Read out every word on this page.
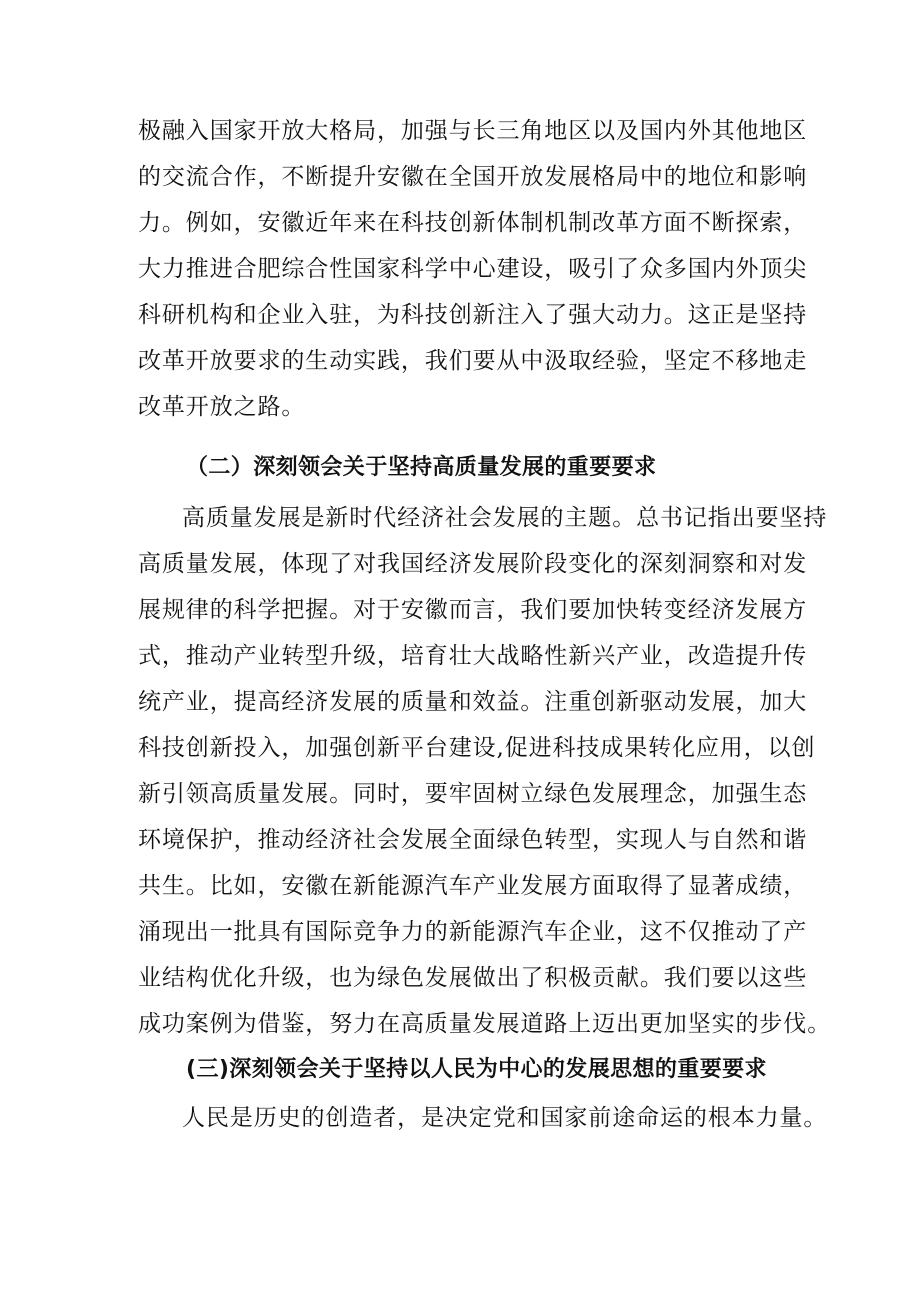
极融入国家开放大格局，加强与长三角地区以及国内外其他地区
的交流合作，不断提升安徽在全国开放发展格局中的地位和影响
力。例如，安徽近年来在科技创新体制机制改革方面不断探索，
大力推进合肥综合性国家科学中心建设，吸引了众多国内外顶尖
科研机构和企业入驻，为科技创新注入了强大动力。这正是坚持
改革开放要求的生动实践，我们要从中汲取经验，坚定不移地走
改革开放之路。
（二）深刻领会关于坚持高质量发展的重要要求
高质量发展是新时代经济社会发展的主题。总书记指出要坚持
高质量发展，体现了对我国经济发展阶段变化的深刻洞察和对发
展规律的科学把握。对于安徽而言，我们要加快转变经济发展方
式，推动产业转型升级，培育壮大战略性新兴产业，改造提升传
统产业，提高经济发展的质量和效益。注重创新驱动发展，加大
科技创新投入，加强创新平台建设,促进科技成果转化应用，以创
新引领高质量发展。同时，要牢固树立绿色发展理念，加强生态
环境保护，推动经济社会发展全面绿色转型，实现人与自然和谐
共生。比如，安徽在新能源汽车产业发展方面取得了显著成绩，
涌现出一批具有国际竞争力的新能源汽车企业，这不仅推动了产
业结构优化升级，也为绿色发展做出了积极贡献。我们要以这些
成功案例为借鉴，努力在高质量发展道路上迈出更加坚实的步伐。
(三)深刻领会关于坚持以人民为中心的发展思想的重要要求
人民是历史的创造者，是决定党和国家前途命运的根本力量。
